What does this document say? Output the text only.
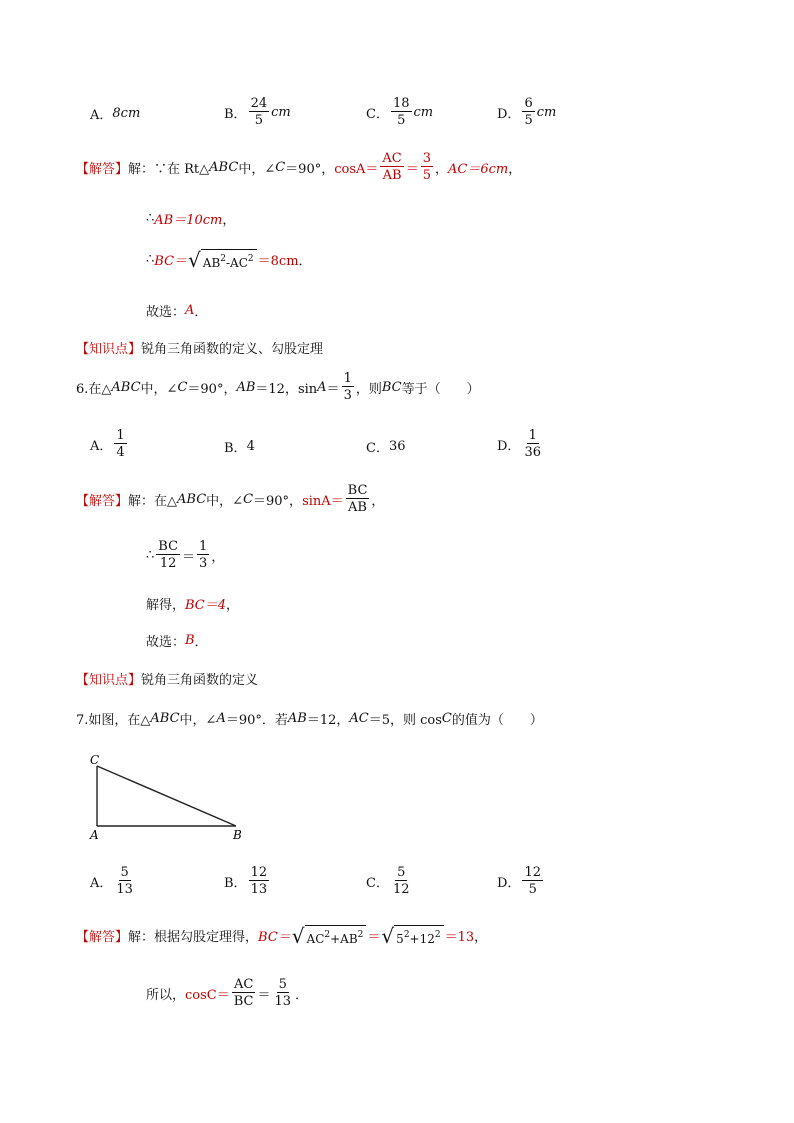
A． 8cm	B． $\frac{24}{5}$ cm	C． $\frac{18}{5}$ cm	D． $\frac{6}{5}$ cm
【解答】 解：∵在 Rt△ ABC 中，∠ C ＝90°， $\cos A= \frac{AC}{AB} = \frac{3}{5}$ ， AC＝6cm ，
∴ AB＝10cm ，
∴ BC＝ √ $AB^2-AC^2 =8cm$ ．
故选： A ．
【知识点】 锐角三角函数的定义、勾股定理
6.在△ ABC 中，∠ C ＝90°， AB ＝12，$\sin A = \frac{1}{3}$ ，则 BC 等于（　　）
A． $\frac{1}{4}$	B． 4	C． 36	D． $\frac{1}{36}$
【解答】 解：在△ ABC 中，∠ C ＝90°， $\sin A= \frac{BC}{AB}$ ，
∴ $\frac{BC}{12} = \frac{1}{3}$ ，
解得， BC＝4 ，
故选： B ．
【知识点】 锐角三角函数的定义
7.如图，在△ ABC 中，∠ A ＝90°．若 AB ＝12， AC ＝5，则 cos C 的值为（　　）
C
A	B
A． $\frac{5}{13}$	B． $\frac{12}{13}$	C． $\frac{5}{12}$	D． $\frac{12}{5}$
【解答】 解：根据勾股定理得， BC＝ √ $AC^2+AB^2$ ＝ √ $5^2+12^2 =13$ ，
所以， $\cos C= \frac{AC}{BC} = \frac{5}{13}$ ．
